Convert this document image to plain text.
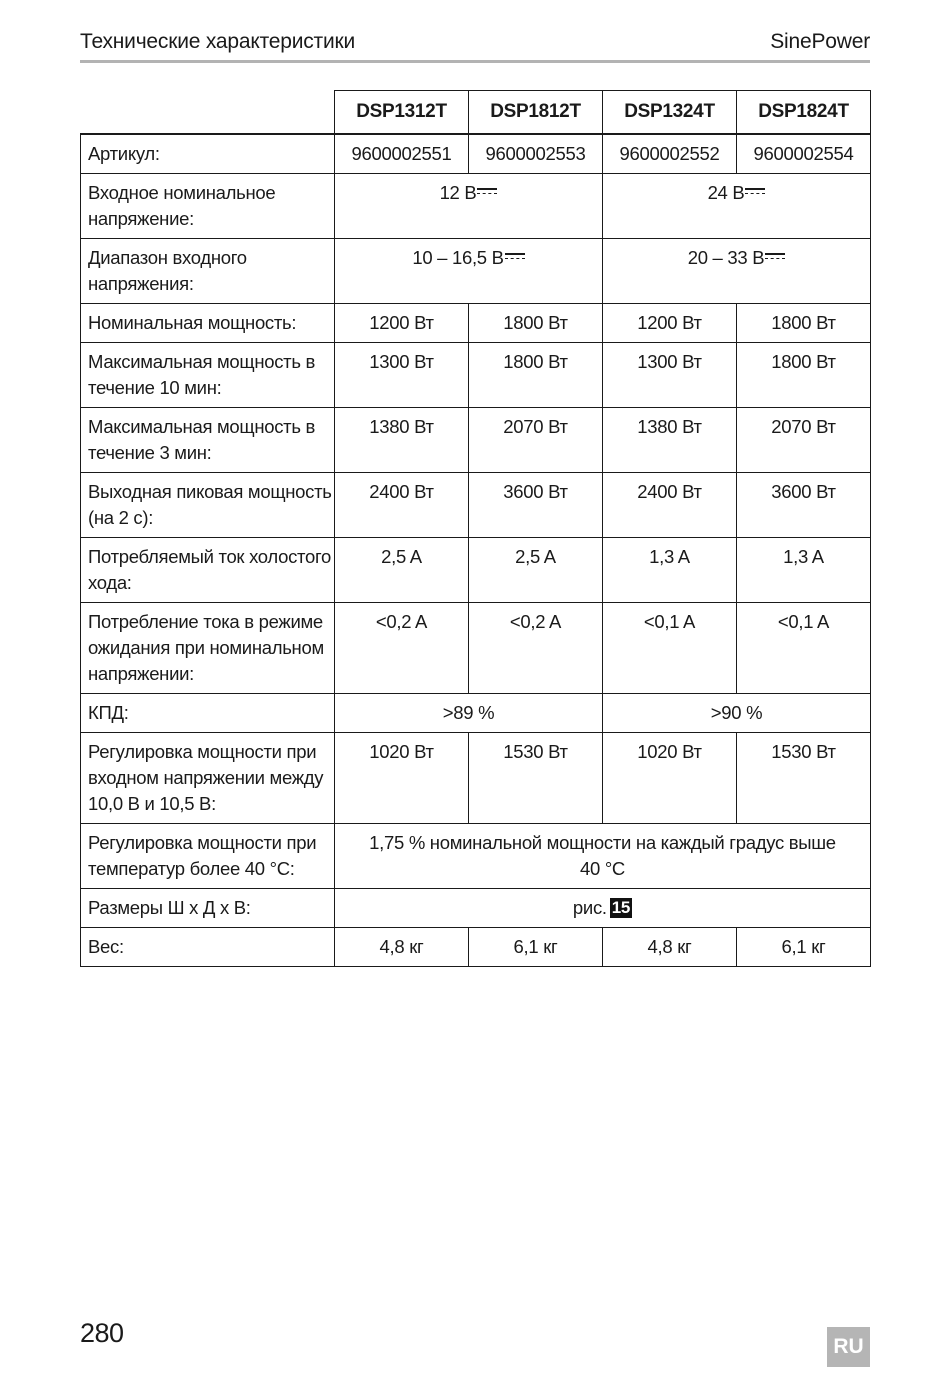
Технические характеристики	SinePower
	DSP1312T	DSP1812T	DSP1324T	DSP1824T
Артикул:	9600002551	9600002553	9600002552	9600002554
Входное номинальное напряжение:	12 В		24 В	
Диапазон входного напряжения:	10 – 16,5 В		20 – 33 В	
Номинальная мощность:	1200 Вт	1800 Вт	1200 Вт	1800 Вт
Максимальная мощность в течение 10 мин:	1300 Вт	1800 Вт	1300 Вт	1800 Вт
Максимальная мощность в течение 3 мин:	1380 Вт	2070 Вт	1380 Вт	2070 Вт
Выходная пиковая мощность (на 2 с):	2400 Вт	3600 Вт	2400 Вт	3600 Вт
Потребляемый ток холостого хода:	2,5 A	2,5 A	1,3 A	1,3 A
Потребление тока в режиме ожидания при номинальном напряжении:	<0,2 A	<0,2 A	<0,1 A	<0,1 A
КПД:	>89 %		>90 %	
Регулировка мощности при входном напряжении между 10,0 В и 10,5 В:	1020 Вт	1530 Вт	1020 Вт	1530 Вт
Регулировка мощности при температур более 40 °C:	1,75 % номинальной мощности на каждый градус выше 40 °C			
Размеры Ш x Д x В:	рис. 15			
Вес:	4,8 кг	6,1 кг	4,8 кг	6,1 кг
280	RU
